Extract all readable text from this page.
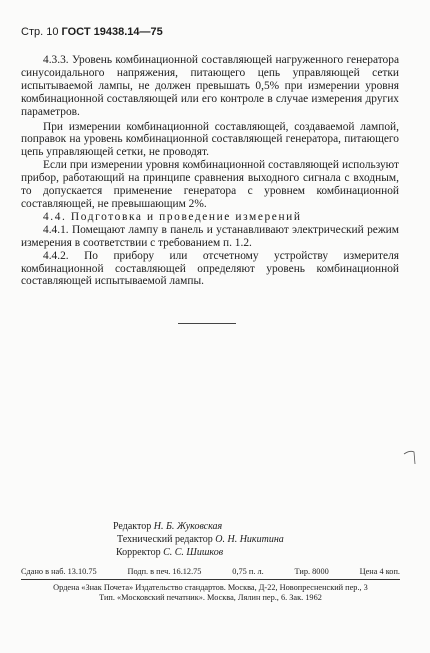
Стр. 10 ГОСТ 19438.14—75

4.3.3. Уровень комбинационной составляющей нагруженного генератора синусоидального напряжения, питающего цепь управляющей сетки испытываемой лампы, не должен превышать 0,5% при измерении уровня комбинационной составляющей или его контроле в случае измерения других параметров.

При измерении комбинационной составляющей, создаваемой лампой, поправок на уровень комбинационной составляющей генератора, питающего цепь управляющей сетки, не проводят.

Если при измерении уровня комбинационной составляющей используют прибор, работающий на принципе сравнения выходного сигнала с входным, то допускается применение генератора с уровнем комбинационной составляющей, не превышающим 2%.

4.4. Подготовка и проведение измерений

4.4.1. Помещают лампу в панель и устанавливают электрический режим измерения в соответствии с требованием п. 1.2.

4.4.2. По прибору или отсчетному устройству измерителя комбинационной составляющей определяют уровень комбинационной составляющей испытываемой лампы.

Редактор Н. Б. Жуковская
Технический редактор О. Н. Никитина
Корректор С. С. Шишков
Сдано в наб. 13.10.75	Подп. в печ. 16.12.75	0,75 п. л.	Тир. 8000	Цена 4 коп.
Ордена «Знак Почета» Издательство стандартов. Москва, Д-22, Новопресненский пер., 3
Тип. «Московский печатник». Москва, Лялин пер., 6. Зак. 1962
